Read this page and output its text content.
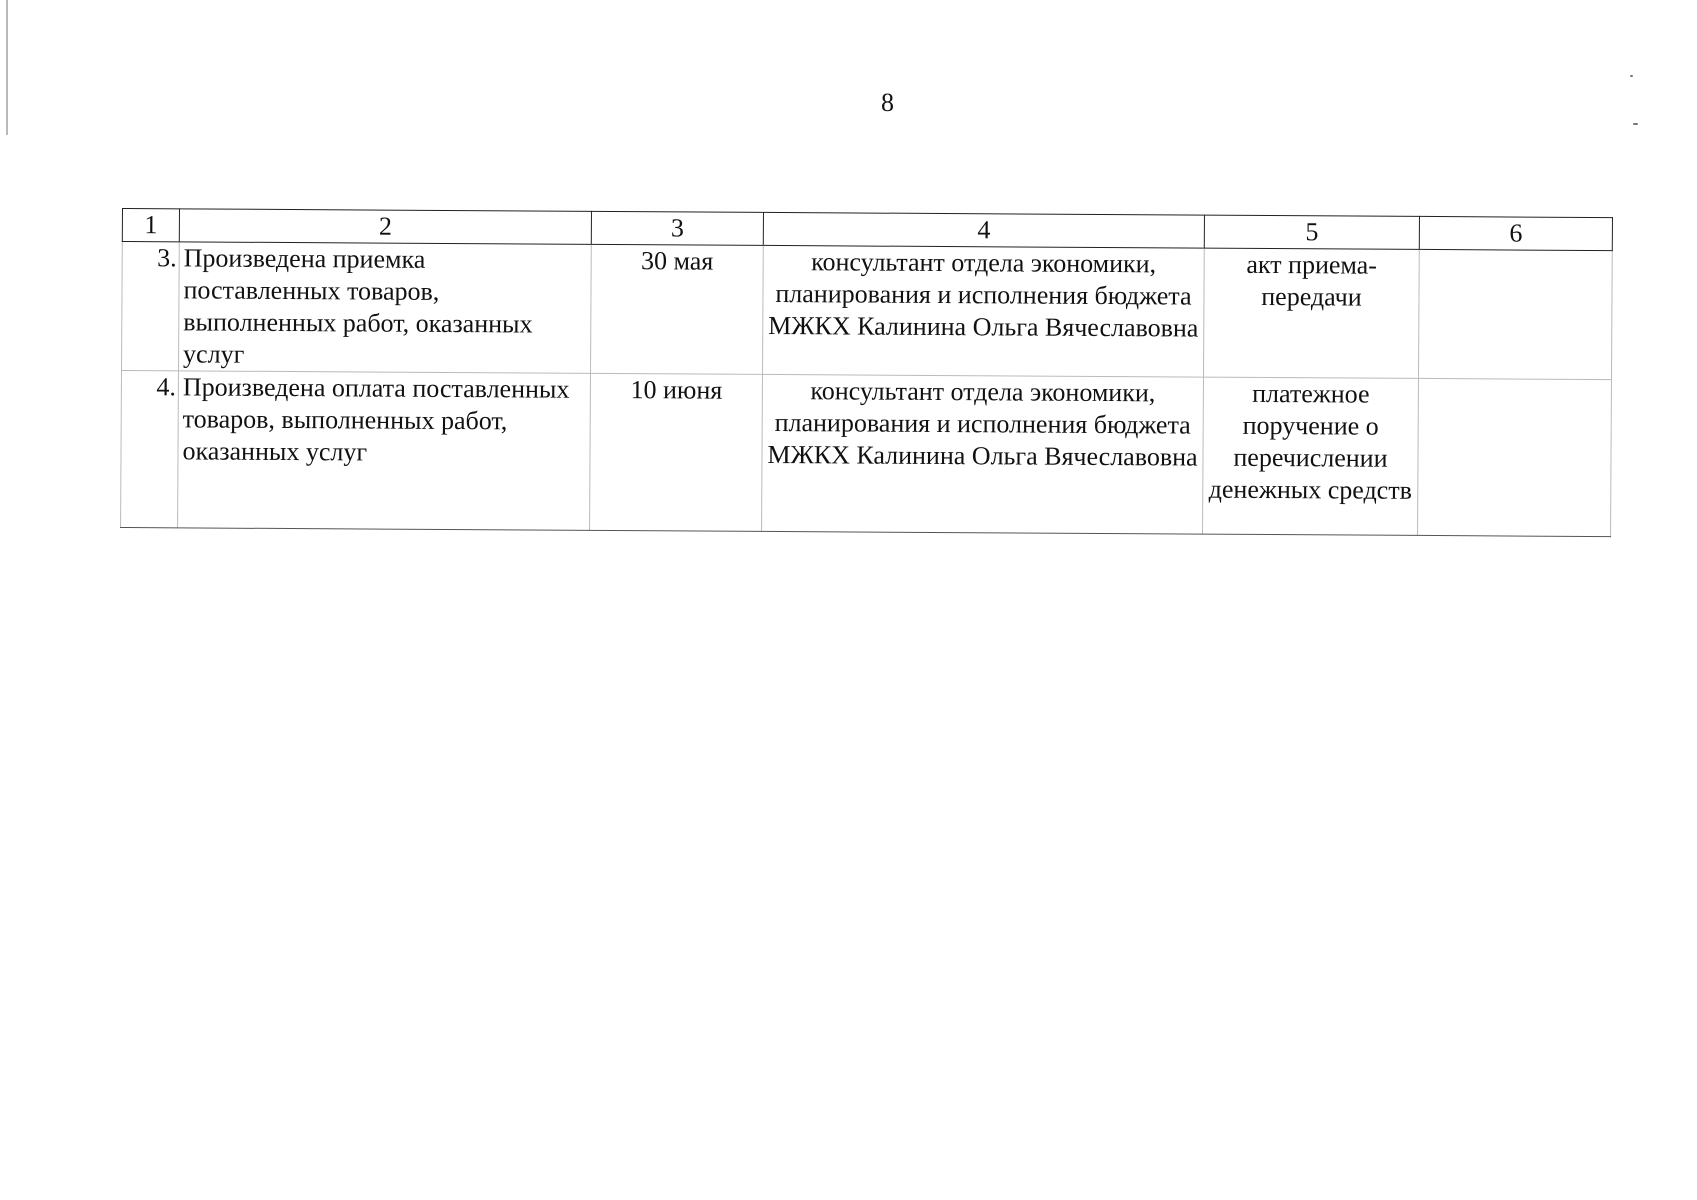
8
1	2	3	4	5	6
3.	Произведена приемка поставленных товаров, выполненных работ, оказанных услуг	30 мая	консультант отдела экономики, планирования и исполнения бюджета МЖКХ Калинина Ольга Вячеславовна	акт приема-передачи	
4.	Произведена оплата поставленных товаров, выполненных работ, оказанных услуг	10 июня	консультант отдела экономики, планирования и исполнения бюджета МЖКХ Калинина Ольга Вячеславовна	платежное поручение о перечислении денежных средств	
